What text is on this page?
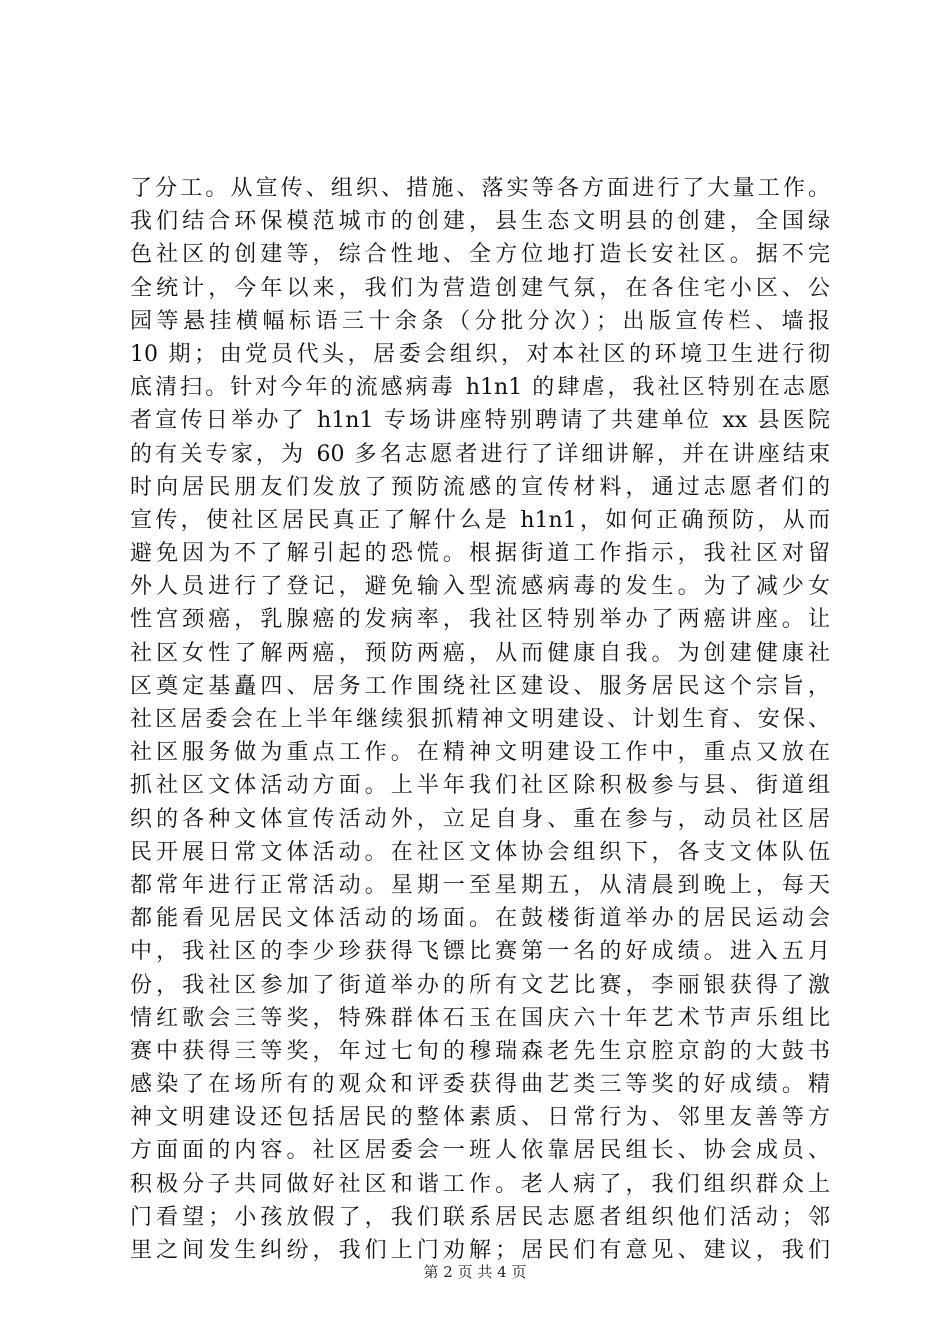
了分工。从宣传、组织、措施、落实等各方面进行了大量工作。
我们结合环保模范城市的创建，县生态文明县的创建，全国绿
色社区的创建等，综合性地、全方位地打造长安社区。据不完
全统计，今年以来，我们为营造创建气氛，在各住宅小区、公
园等悬挂横幅标语三十余条（分批分次）；出版宣传栏、墙报
10 期；由党员代头，居委会组织，对本社区的环境卫生进行彻
底清扫。针对今年的流感病毒 h1n1 的肆虐，我社区特别在志愿
者宣传日举办了 h1n1 专场讲座特别聘请了共建单位 xx 县医院
的有关专家，为 60 多名志愿者进行了详细讲解，并在讲座结束
时向居民朋友们发放了预防流感的宣传材料，通过志愿者们的
宣传，使社区居民真正了解什么是 h1n1，如何正确预防，从而
避免因为不了解引起的恐慌。根据街道工作指示，我社区对留
外人员进行了登记，避免输入型流感病毒的发生。为了减少女
性宫颈癌，乳腺癌的发病率，我社区特别举办了两癌讲座。让
社区女性了解两癌，预防两癌，从而健康自我。为创建健康社
区奠定基矗四、居务工作围绕社区建设、服务居民这个宗旨，
社区居委会在上半年继续狠抓精神文明建设、计划生育、安保、
社区服务做为重点工作。在精神文明建设工作中，重点又放在
抓社区文体活动方面。上半年我们社区除积极参与县、街道组
织的各种文体宣传活动外，立足自身、重在参与，动员社区居
民开展日常文体活动。在社区文体协会组织下，各支文体队伍
都常年进行正常活动。星期一至星期五，从清晨到晚上，每天
都能看见居民文体活动的场面。在鼓楼街道举办的居民运动会
中，我社区的李少珍获得飞镖比赛第一名的好成绩。进入五月
份，我社区参加了街道举办的所有文艺比赛，李丽银获得了激
情红歌会三等奖，特殊群体石玉在国庆六十年艺术节声乐组比
赛中获得三等奖，年过七旬的穆瑞森老先生京腔京韵的大鼓书
感染了在场所有的观众和评委获得曲艺类三等奖的好成绩。精
神文明建设还包括居民的整体素质、日常行为、邻里友善等方
方面面的内容。社区居委会一班人依靠居民组长、协会成员、
积极分子共同做好社区和谐工作。老人病了，我们组织群众上
门看望；小孩放假了，我们联系居民志愿者组织他们活动；邻
里之间发生纠纷，我们上门劝解；居民们有意见、建议，我们
第 2 页 共 4 页
